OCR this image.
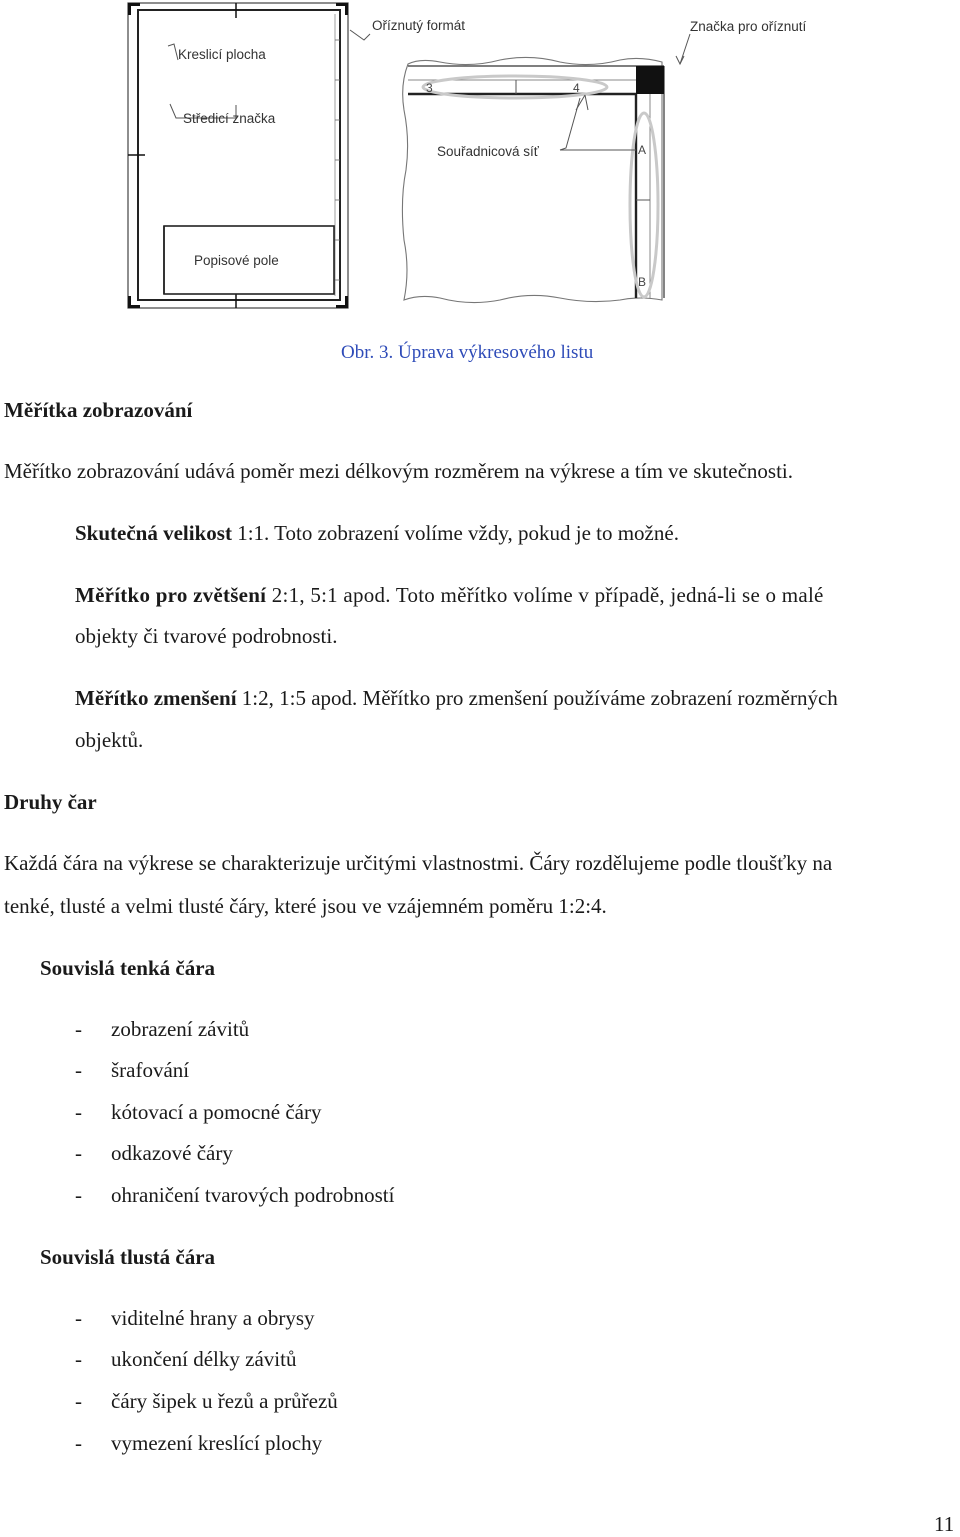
Kreslicí plocha
Středicí značka
Popisové pole
Oříznutý formát	Značka pro oříznutí
Souřadnicová síť
3	4
A
B
Obr. 3. Úprava výkresového listu
Měřítka zobrazování
Měřítko zobrazování udává poměr mezi délkovým rozměrem na výkrese a tím ve skutečnosti.
Skutečná velikost 1:1. Toto zobrazení volíme vždy, pokud je to možné.
Měřítko pro zvětšení 2:1, 5:1 apod. Toto měřítko volíme v případě, jedná-li se o malé
objekty či tvarové podrobnosti.
Měřítko zmenšení 1:2, 1:5 apod. Měřítko pro zmenšení používáme zobrazení rozměrných
objektů.
Druhy čar
Každá čára na výkrese se charakterizuje určitými vlastnostmi. Čáry rozdělujeme podle tloušťky na
tenké, tlusté a velmi tlusté čáry, které jsou ve vzájemném poměru 1:2:4.
Souvislá tenká čára
- zobrazení závitů
- šrafování
- kótovací a pomocné čáry
- odkazové čáry
- ohraničení tvarových podrobností
Souvislá tlustá čára
- viditelné hrany a obrysy
- ukončení délky závitů
- čáry šipek u řezů a průřezů
- vymezení kreslící plochy
11
